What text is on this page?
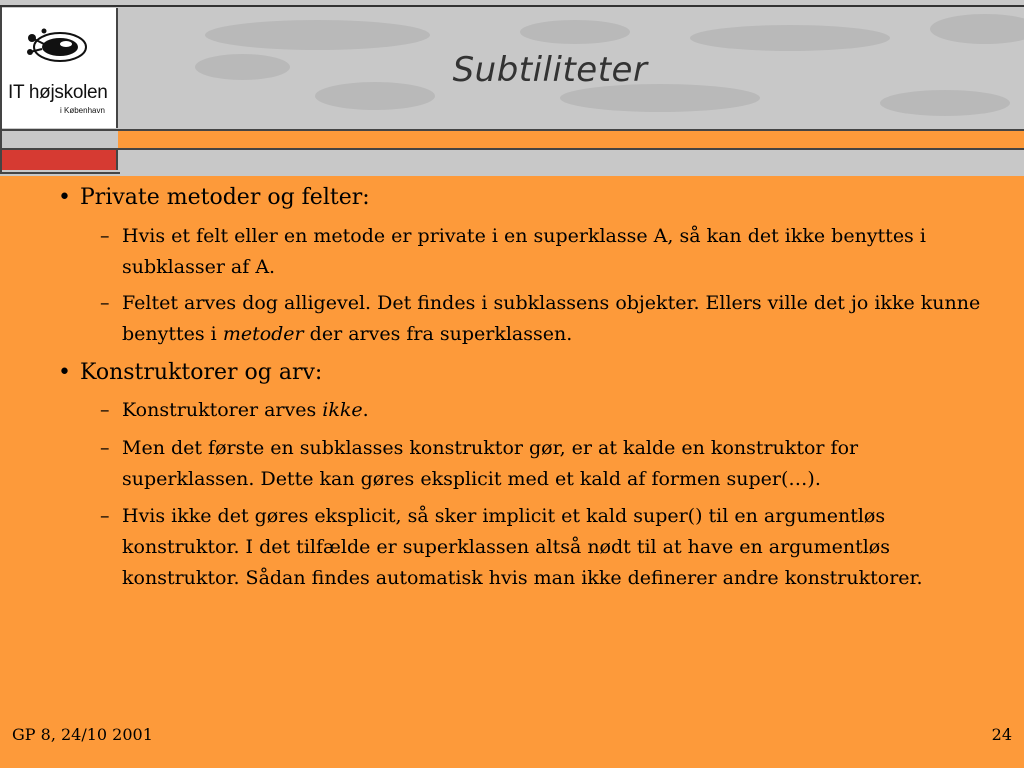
IT højskolen
i København
Subtiliteter
• Private metoder og felter:
– Hvis et felt eller en metode er private i en superklasse A, så kan det ikke benyttes i subklasser af A.
– Feltet arves dog alligevel. Det findes i subklassens objekter. Ellers ville det jo ikke kunne benyttes i metoder der arves fra superklassen.
• Konstruktorer og arv:
– Konstruktorer arves ikke.
– Men det første en subklasses konstruktor gør, er at kalde en konstruktor for superklassen. Dette kan gøres eksplicit med et kald af formen super(…).
– Hvis ikke det gøres eksplicit, så sker implicit et kald super() til en argumentløs konstruktor. I det tilfælde er superklassen altså nødt til at have en argumentløs konstruktor. Sådan findes automatisk hvis man ikke definerer andre konstruktorer.
GP 8, 24/10 2001	24
